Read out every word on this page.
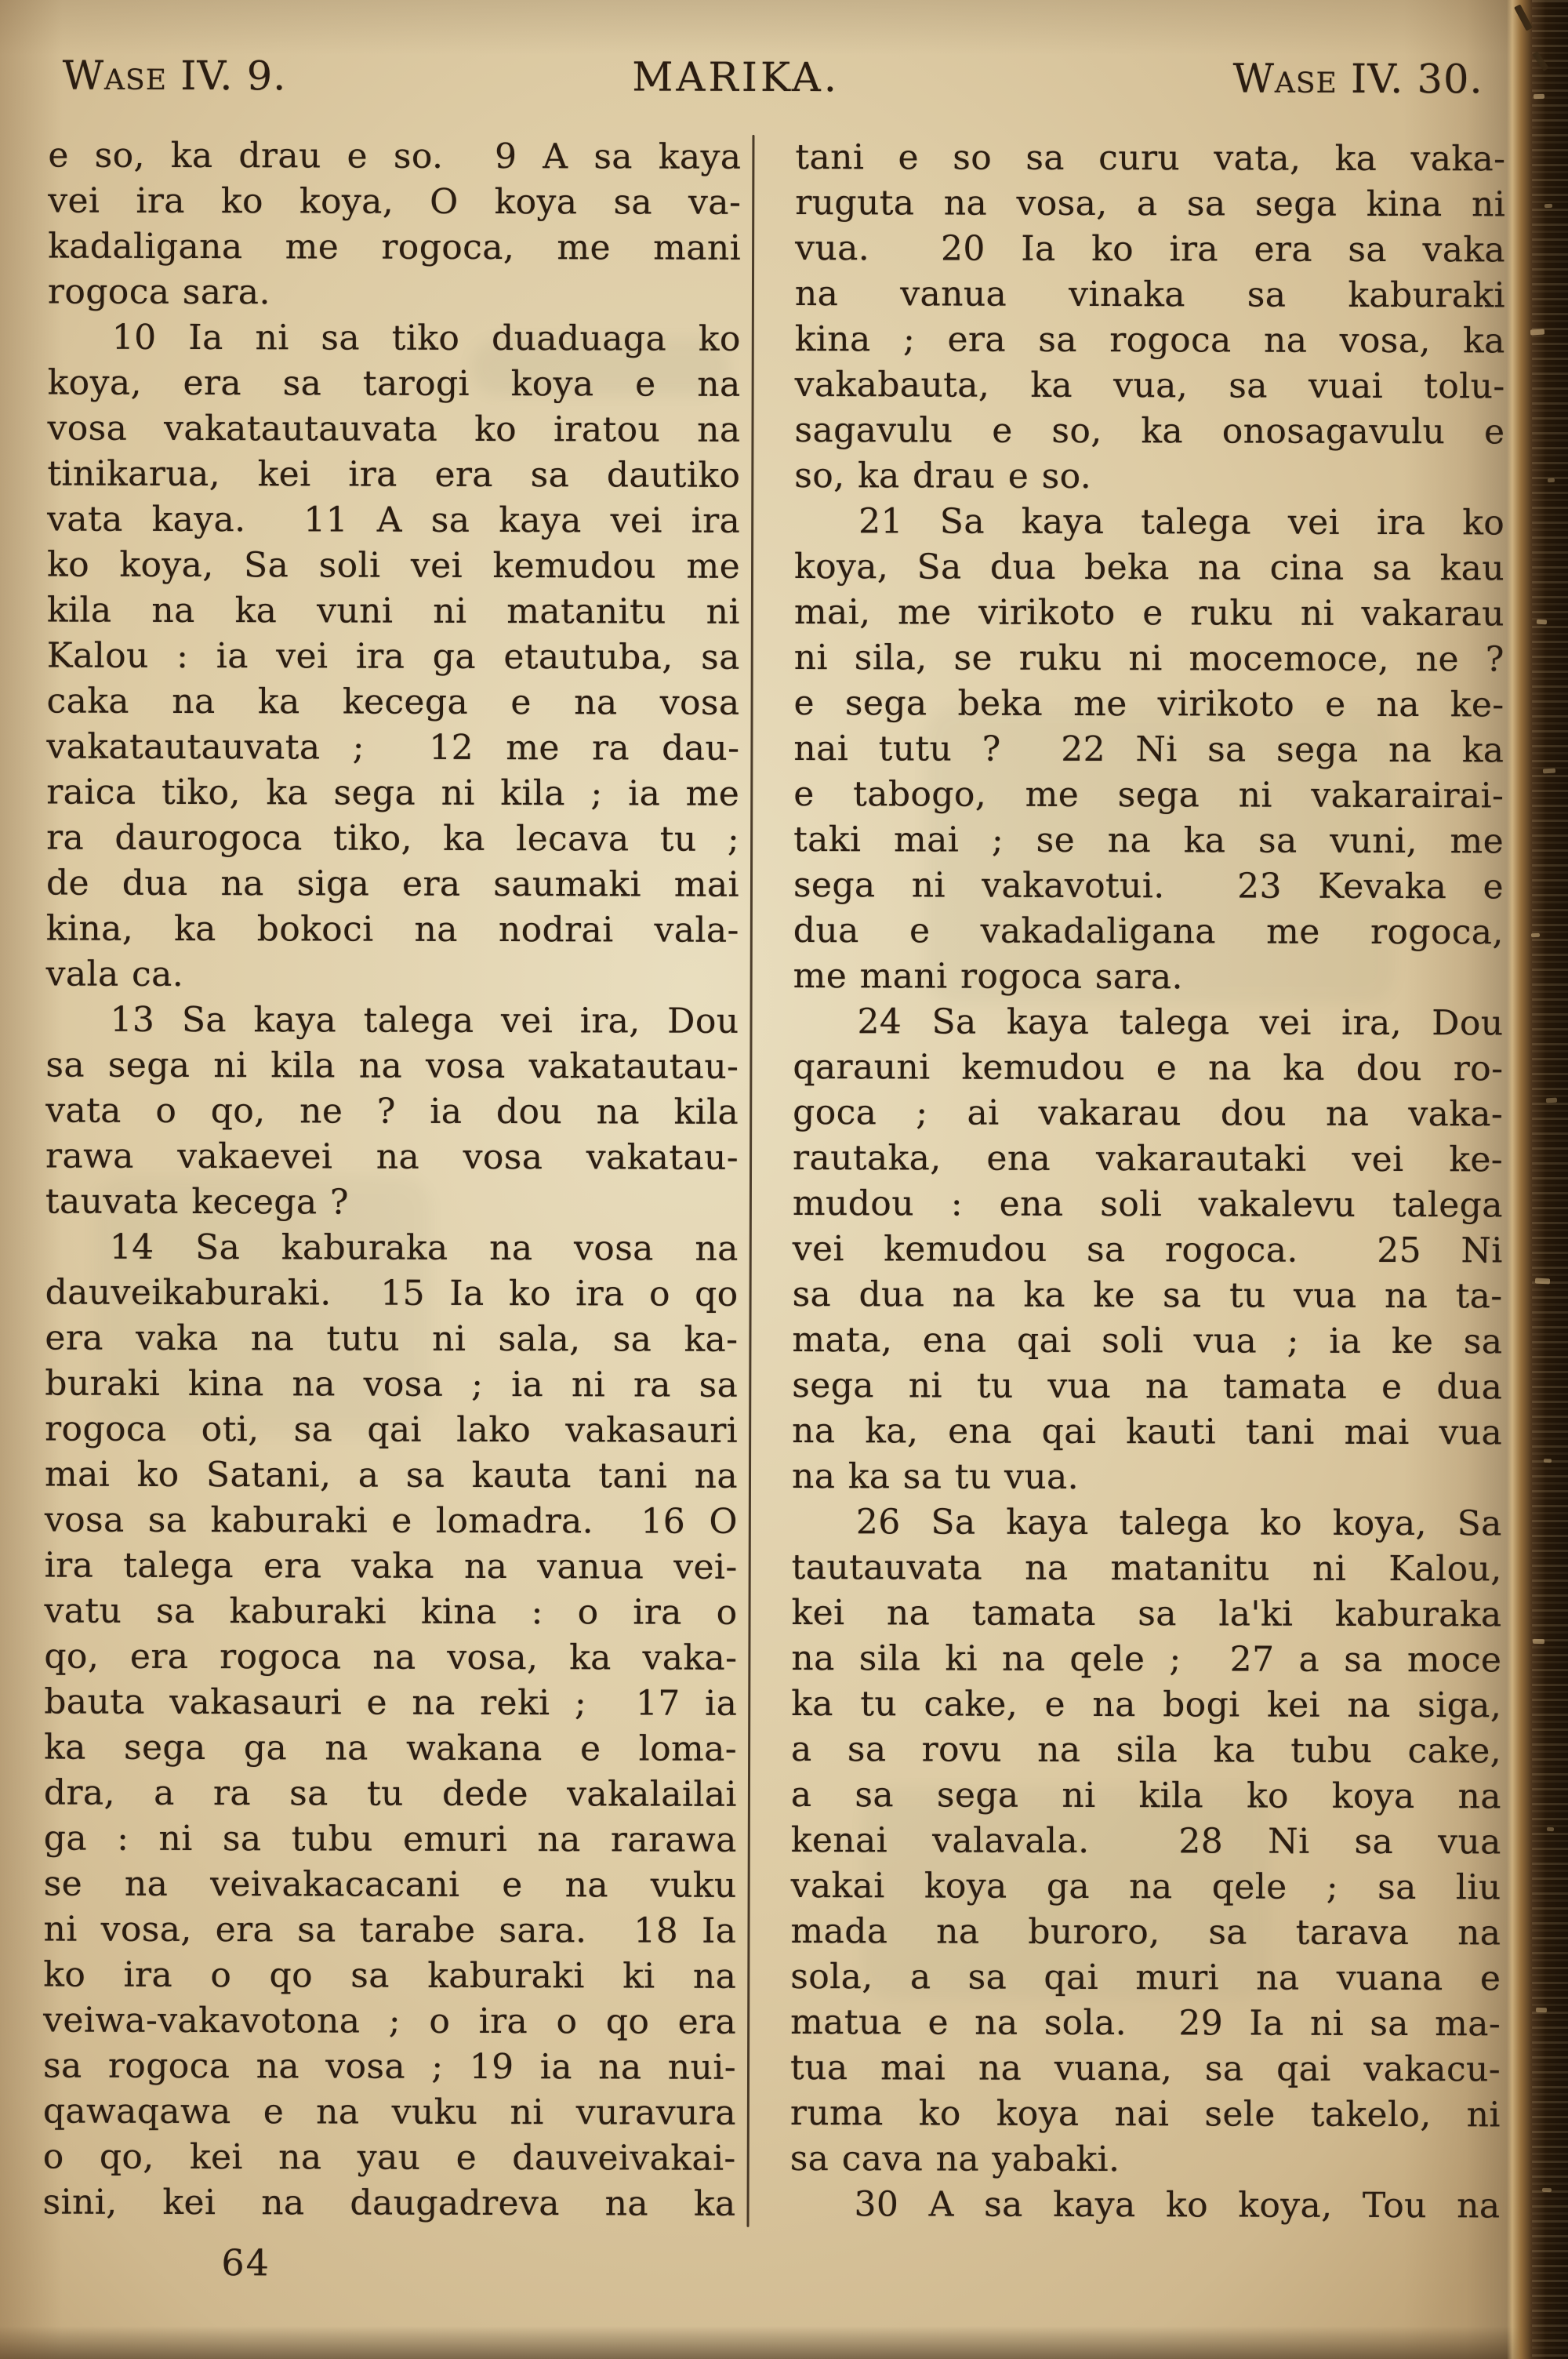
Wase IV. 9.	MARIKA.	Wase IV. 30.
e so, ka drau e so.  9 A sa kaya
vei ira ko koya, O koya sa va-
kadaligana me rogoca, me mani
rogoca sara.
10 Ia ni sa tiko duaduaga ko
koya, era sa tarogi koya e na
vosa vakatautauvata ko iratou na
tinikarua, kei ira era sa dautiko
vata kaya.  11 A sa kaya vei ira
ko koya, Sa soli vei kemudou me
kila na ka vuni ni matanitu ni
Kalou : ia vei ira ga etautuba, sa
caka na ka kecega e na vosa
vakatautauvata ;  12 me ra dau-
raica tiko, ka sega ni kila ; ia me
ra daurogoca tiko, ka lecava tu ;
de dua na siga era saumaki mai
kina, ka bokoci na nodrai vala-
vala ca.
13 Sa kaya talega vei ira, Dou
sa sega ni kila na vosa vakatautau-
vata o qo, ne ? ia dou na kila
rawa vakaevei na vosa vakatau-
tauvata kecega ?
14 Sa kaburaka na vosa na
dauveikaburaki.  15 Ia ko ira o qo
era vaka na tutu ni sala, sa ka-
buraki kina na vosa ; ia ni ra sa
rogoca oti, sa qai lako vakasauri
mai ko Satani, a sa kauta tani na
vosa sa kaburaki e lomadra.  16 O
ira talega era vaka na vanua vei-
vatu sa kaburaki kina : o ira o
qo, era rogoca na vosa, ka vaka-
bauta vakasauri e na reki ;  17 ia
ka sega ga na wakana e loma-
dra, a ra sa tu dede vakalailai
ga : ni sa tubu emuri na rarawa
se na veivakacacani e na vuku
ni vosa, era sa tarabe sara.  18 Ia
ko ira o qo sa kaburaki ki na
veiwa-vakavotona ; o ira o qo era
sa rogoca na vosa ; 19 ia na nui-
qawaqawa e na vuku ni vuravura
o qo, kei na yau e dauveivakai-
sini, kei na daugadreva na ka
tani e so sa curu vata, ka vaka-
ruguta na vosa, a sa sega kina ni
vua.  20 Ia ko ira era sa vaka
na vanua vinaka sa kaburaki
kina ; era sa rogoca na vosa, ka
vakabauta, ka vua, sa vuai tolu-
sagavulu e so, ka onosagavulu e
so, ka drau e so.
21 Sa kaya talega vei ira ko
koya, Sa dua beka na cina sa kau
mai, me virikoto e ruku ni vakarau
ni sila, se ruku ni mocemoce, ne ?
e sega beka me virikoto e na ke-
nai tutu ?  22 Ni sa sega na ka
e tabogo, me sega ni vakarairai-
taki mai ; se na ka sa vuni, me
sega ni vakavotui.  23 Kevaka e
dua e vakadaligana me rogoca,
me mani rogoca sara.
24 Sa kaya talega vei ira, Dou
qarauni kemudou e na ka dou ro-
goca ; ai vakarau dou na vaka-
rautaka, ena vakarautaki vei ke-
mudou : ena soli vakalevu talega
vei kemudou sa rogoca.  25 Ni
sa dua na ka ke sa tu vua na ta-
mata, ena qai soli vua ; ia ke sa
sega ni tu vua na tamata e dua
na ka, ena qai kauti tani mai vua
na ka sa tu vua.
26 Sa kaya talega ko koya, Sa
tautauvata na matanitu ni Kalou,
kei na tamata sa la'ki kaburaka
na sila ki na qele ;  27 a sa moce
ka tu cake, e na bogi kei na siga,
a sa rovu na sila ka tubu cake,
a sa sega ni kila ko koya na
kenai valavala.  28 Ni sa vua
vakai koya ga na qele ; sa liu
mada na buroro, sa tarava na
sola, a sa qai muri na vuana e
matua e na sola.  29 Ia ni sa ma-
tua mai na vuana, sa qai vakacu-
ruma ko koya nai sele takelo, ni
sa cava na yabaki.
30 A sa kaya ko koya, Tou na
64
